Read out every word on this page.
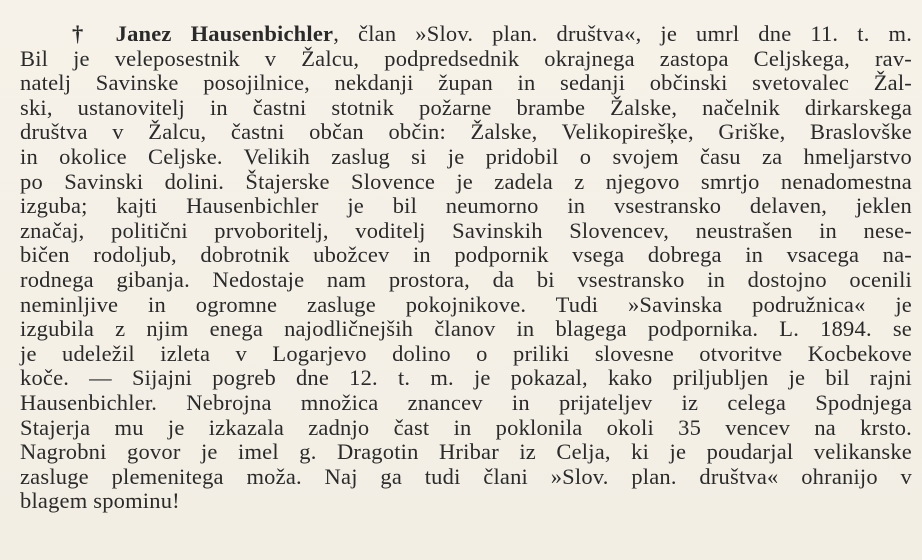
† Janez Hausenbichler, član »Slov. plan. društva«, je umrl dne 11. t. m.
Bil je veleposestnik v Žalcu, podpredsednik okrajnega zastopa Celjskega, rav-
natelj Savinske posojilnice, nekdanji župan in sedanji občinski svetovalec Žal-
ski, ustanovitelj in častni stotnik požarne brambe Žalske, načelnik dirkarskega
društva v Žalcu, častni občan občin: Žalske, Velikopirešķe, Griške, Braslovške
in okolice Celjske. Velikih zaslug si je pridobil o svojem času za hmeljarstvo
po Savinski dolini. Štajerske Slovence je zadela z njegovo smrtjo nenadomestna
izguba; kajti Hausenbichler je bil neumorno in vsestransko delaven, jeklen
značaj, politični prvoboritelj, voditelj Savinskih Slovencev, neustrašen in nese-
bičen rodoljub, dobrotnik ubožcev in podpornik vsega dobrega in vsacega na-
rodnega gibanja. Nedostaje nam prostora, da bi vsestransko in dostojno ocenili
neminljive in ogromne zasluge pokojnikove. Tudi »Savinska podružnica« je
izgubila z njim enega najodličnejših članov in blagega podpornika. L. 1894. se
je udeležil izleta v Logarjevo dolino o priliki slovesne otvoritve Kocbekove
koče. — Sijajni pogreb dne 12. t. m. je pokazal, kako priljubljen je bil rajni
Hausenbichler. Nebrojna množica znancev in prijateljev iz celega Spodnjega
Stajerja mu je izkazala zadnjo čast in poklonila okoli 35 vencev na krsto.
Nagrobni govor je imel g. Dragotin Hribar iz Celja, ki je poudarjal velikanske
zasluge plemenitega moža. Naj ga tudi člani »Slov. plan. društva« ohranijo v
blagem spominu!
